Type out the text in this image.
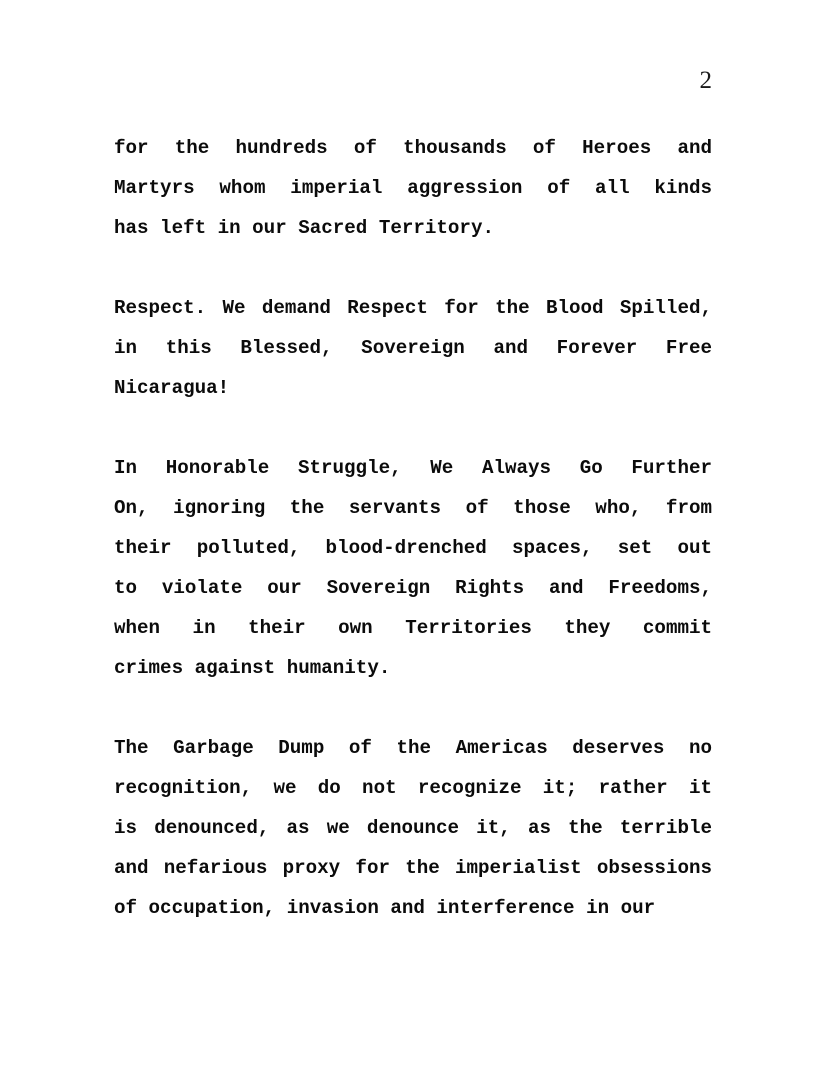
2
for the hundreds of thousands of Heroes and
Martyrs whom imperial aggression of all kinds
has left in our Sacred Territory.
Respect. We demand Respect for the Blood Spilled,
in this Blessed, Sovereign and Forever Free
Nicaragua!
In Honorable Struggle, We Always Go Further
On, ignoring the servants of those who, from
their polluted, blood-drenched spaces, set out
to violate our Sovereign Rights and Freedoms,
when in their own Territories they commit
crimes against humanity.
The Garbage Dump of the Americas deserves no
recognition, we do not recognize it; rather it
is denounced, as we denounce it, as the terrible
and nefarious proxy for the imperialist obsessions
of occupation, invasion and interference in our
